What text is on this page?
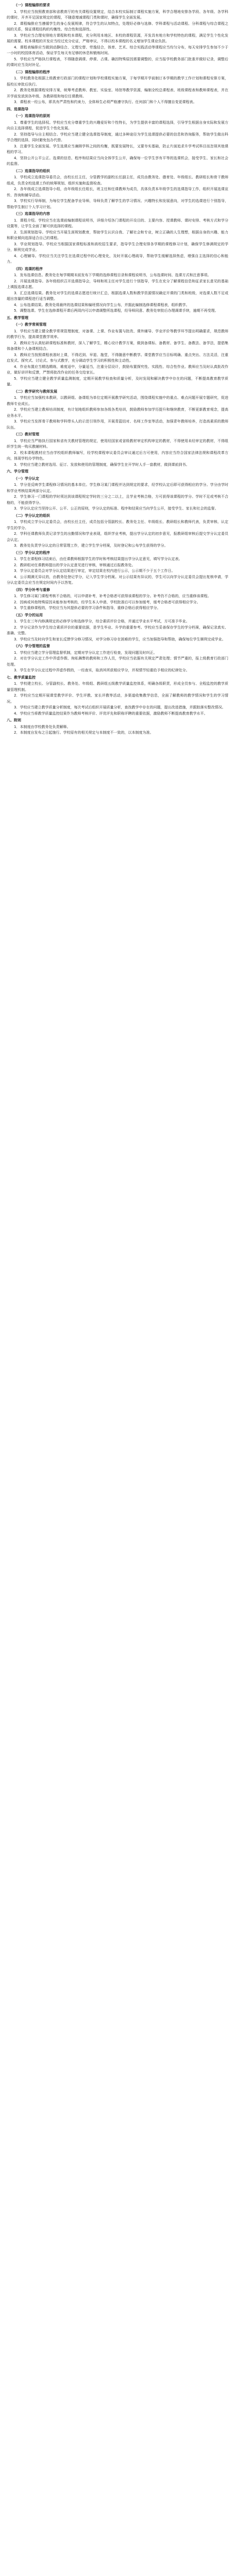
（一）课程编排的要求
1．学校应当按照教育部和省教育厅的有关课程设置规定，结合本校实际制订课程实施方案，科学合理地安排各学段、各年级、各学科的课时，开齐开足国家规定的课程，不随意增减课程门类和课时，确保学生全面发展。
2．课程编排应当遵循学生的身心发展规律，符合学生的认知特点，处理好必修与选修、学科课程与活动课程、分科课程与综合课程之间的关系，保证课程结构的均衡性、综合性和选择性。
3．学校应当合理安排地方课程和校本课程，充分利用本地区、本校的课程资源，开发具有地方和学校特色的课程，满足学生个性化发展的需要。校本课程的开发应当经过充分论证，严格审议，不得以校本课程的名义增加学生课业负担。
4．课程表编排应当做到动静结合、文理交替、劳逸结合，体育、艺术、综合实践活动等课程应当均匀分布，每天安排学生参加不少于一小时的校园体育活动，保证学生每天有足够的休息和锻炼时间。
5．学校应当严格执行课程表，不得随意调课、停课、占课。确因特殊原因需要调整的，应当报学校教务部门批准并做好记录，调整后的课时应当及时补足。
（二）课程编排的程序
1．学校教务处根据上级教育行政部门的课程计划和学校课程实施方案，于每学期开学前制订本学期的教学工作计划和课程安排方案，报校长审批后执行。
2．教务处根据课程安排方案，统筹考虑教师、教室、实验室、场馆等教学资源，编制全校总课程表、班级课程表和教师课程表，并在开学前发放到各年级、各教研组和每位任课教师。
3．课程表一经公布，即具有严肃性和约束力，全体师生必须严格遵守执行。任何部门和个人不得擅自变更课程表。
四、选课指导
（一）选课指导的原则
1．尊重学生的选择权。学校应当充分尊重学生的兴趣爱好和个性特长，为学生提供丰富的课程选择，引导学生根据自身实际和发展方向自主选择课程，促进学生个性化发展。
2．坚持指导与自主相结合。学校应当建立健全选课指导制度，通过多种途径为学生选课提供必要的信息和咨询服务，帮助学生做出科学合理的选择，同时避免包办代替。
3．注重学生全面发展。学生选课应当兼顾学科之间的均衡，既要发展特长，又要夯实基础，防止片面追求升学考试科目而忽视其他课程的学习。
4．坚持公开公平公正。选课的信息、程序和结果应当向全体学生公开，确保每一位学生享有平等的选课机会，接受学生、家长和社会的监督。
（二）选课指导的组织
1．学校成立选课指导委员会，由校长任主任，分管教学的副校长任副主任，成员由教务处、德育处、年级组长、教研组长和骨干教师组成，负责全校选课工作的统筹规划、组织实施和监督检查。
2．各年级成立选课指导小组，由年级组长任组长，班主任和任课教师为成员，具体负责本年级学生的选课指导工作，组织开展选课宣传、咨询和辅导活动。
3．学校实行导师制，为每位学生配备学业导师，导师负责了解学生的学习情况、兴趣特长和发展意向，对学生的选课进行个别指导，帮助学生制订个人学习计划。
（三）选课指导的内容
1．课程介绍。学校应当在选课前编制课程说明书，详细介绍各门课程的开设目的、主要内容、授课教师、课时安排、考核方式和学分设置等，让学生全面了解可供选择的课程。
2．生涯规划指导。学校应当开展生涯规划教育，帮助学生认识自我、了解社会和专业，树立正确的人生理想，根据自身的兴趣、能力和职业倾向选择适合自己的课程。
3．学业规划指导。学校应当根据国家课程标准和高校招生要求，指导学生合理安排各学期的课程修习计划，确保学生修满规定的学分，顺利完成学业。
4．心理辅导。学校应当关注学生在选课过程中的心理变化，及时开展心理疏导，帮助学生缓解选择焦虑，增强自主选择的信心和能力。
（四）选课的程序
1．发布选课信息。教务处在每学期期末前发布下学期的选修课程目录和课程说明书，公布选课时间、选课方式和注意事项。
2．开展选课指导。各年级组织召开选课指导会，导师和班主任对学生进行个别指导，学生在充分了解课程信息和征求家长意见的基础上填报选课志愿。
3．汇总选课结果。教务处对学生的选课志愿进行统计汇总，根据选课人数和教学资源情况确定开课的门类和班级，对选课人数不足或超出容量的课程进行适当调整。
4．公布选课结果。教务处将最终的选课结果和编班情况向学生公布，并据此编制选修课程课程表，组织教学。
5．调整选课。学生在选修课程开课后两周内可以申请调整所选课程，经导师同意、教务处审批后办理调课手续，逾期不再受理。
五、教学管理
（一）教学常规管理
1．学校应当建立健全教学常规管理制度，对备课、上课、作业布置与批改、课外辅导、学业评价等教学环节提出明确要求，规范教师的教学行为，提高课堂教学效率。
2．教师应当认真钻研课程标准和教材，深入了解学生，精心设计教学方案，做到备课标、备教材、备学生、备教法、备学法，提倡集体备课和个人备课相结合。
3．教师应当按照课程表准时上课，不得迟到、早退、拖堂，不得随意中断教学。课堂教学应当目标明确、重点突出、方法灵活，注重启发式、探究式、讨论式、参与式教学，充分调动学生学习的积极性和主动性。
4．作业布置应当精选精练，难度适中，分量适当，注重分层设计，鼓励布置探究性、实践性、综合性作业。教师应当及时认真批改作业，做好讲评和反馈，严禁将批改作业的任务交给家长。
5．学校应当建立健全教学质量监测制度，定期开展教学检查和质量分析，及时发现和解决教学中存在的问题，不断提高教育教学质量。
（二）教学研究与教师发展
1．学校应当加强校本教研，以教研组、备课组为单位定期开展教学研究活动，围绕课程实施中的重点、难点问题开展专题研究，促进教师专业成长。
2．学校应当建立教师培训制度，有计划地组织教师参加各级各类培训，鼓励教师参加学历提升和继续教育，不断更新教育观念，提高业务水平。
3．学校应当发挥骨干教师和学科带头人的示范引领作用，开展青蓝结对、名师工作室等活动，加强青年教师培养，打造高素质的教师队伍。
（三）教材管理
1．学校应当严格执行国家和省有关教材管理的规定，使用经国家或省级教材审定机构审定的教材，不得使用未经审定的教材，不得组织学生统一购买教辅材料。
2．校本课程教材应当由学校组织教师编写，经学校课程审议委员会审议通过后方可使用，内容应当符合国家法律法规和课程改革方向，体现学校办学特色。
3．学校应当建立教材选用、征订、发放和使用的管理制度，确保学生在开学时人手一套教材，做到课前到书。
六、学分管理
（一）学分认定
1．学分是反映学生课程修习情况的基本单位。学生修习某门课程并达到规定的要求，经学校认定后即可获得相应的学分。学分由学时和学业考核结果两部分认定。
2．学生修习一门课程的学时须达到该课程规定学时的三分之二以上，且学业考核合格，方可获得该课程的学分。学时不足或考核不合格的，不能获得学分。
3．学分认定应当坚持公开、公平、公正的原则，学分认定的标准、程序和结果应当向学生公开，接受学生、家长和社会的监督。
（二）学分认定的组织
1．学校成立学分认定委员会，由校长任主任，成员包括分管副校长、教务处主任、年级组长、教研组长和教师代表，负责审核、认定学生的学分。
2．学科任课教师负责记录学生的出勤情况和学业表现，组织学业考核，提出学分认定的初步意见，报教研组审核后提交学分认定委员会认定。
3．教务处负责学分认定的日常管理工作，建立学生学分档案，及时登记和公布学生获得的学分。
（三）学分认定的程序
1．学生在课程修习结束后，由任课教师根据学生的学时和考核结果提出学分认定意见，填写学分认定表。
2．教研组对任课教师提出的学分认定意见进行审核，审核通过后报教务处。
3．学分认定委员会对学分认定结果进行审定，审定结果在校内进行公示，公示期不少于五个工作日。
4．公示期满无异议的，由教务处登记学分，记入学生学分档案。对公示结果有异议的，学生可以向学分认定委员会提出复核申请，学分认定委员会应当在规定时间内予以答复。
（四）学分补考与重修
1．学生修习某门课程考核不合格的，可以申请补考，补考合格者可获得该课程的学分。补考仍不合格的，应当重修该课程。
2．因病或其他特殊原因未能参加考核的，经学生本人申请、学校批准后可以参加缓考，缓考合格者可获得相应学分。
3．学生重修课程的，学校应当为其提供必要的学习条件和指导，重修合格后获得相应学分。
（五）学分的运用
1．学生在三年内修满规定的必修学分和选修学分，综合素质评价合格，并通过学业水平考试，方可准予毕业。
2．学分记录作为学生综合素质评价的重要依据，是学生毕业、升学的重要参考。学校应当妥善保存学生的学分档案，确保记录真实、准确、完整。
3．学校应当及时向学生和家长反馈学分修习情况，对学分修习存在困难的学生，应当加强指导和帮助，确保每位学生顺利完成学业。
（六）学分管理的监督
1．学校应当建立学分管理监督机制，定期对学分认定工作进行检查，发现问题及时纠正。
2．对在学分认定工作中弄虚作假、徇私舞弊的教师和工作人员，学校应当依据有关规定严肃处理；情节严重的，报上级教育行政部门处理。
3．学生在学分认定过程中弄虚作假的，一经查实，取消其所获相应学分，并视情节轻重给予相应的纪律处分。
七、教学质量监控
1．学校建立校长、分管副校长、教务处、年级组、教研组五级教学质量监控体系，明确各级职责，形成全员参与、全程监控的教学质量管理机制。
2．学校应当定期开展课堂教学评价、学生评教、家长评教等活动，多渠道收集教学信息，全面了解教师的教学情况和学生的学习情况。
3．学校应当建立教学质量分析制度，每次考试后组织开展质量分析，查找教学中存在的问题，提出改进措施，并跟踪落实整改情况。
4．学校应当将教学质量监控结果作为教师考核评价、评优评先和职称评聘的重要依据，激励教师不断提高教育教学水平。
八、附则
1．本制度由学校教务处负责解释。
2．本制度自发布之日起施行。学校原有的相关规定与本制度不一致的，以本制度为准。
